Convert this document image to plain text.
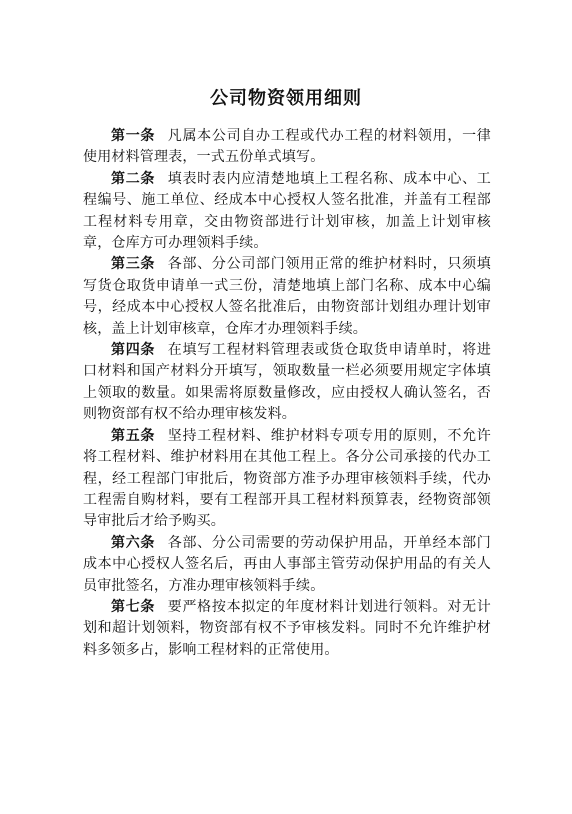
公司物资领用细则

第一条 凡属本公司自办工程或代办工程的材料领用，一律使用材料管理表，一式五份单式填写。

第二条 填表时表内应清楚地填上工程名称、成本中心、工程编号、施工单位、经成本中心授权人签名批准，并盖有工程部工程材料专用章，交由物资部进行计划审核，加盖上计划审核章，仓库方可办理领料手续。

第三条 各部、分公司部门领用正常的维护材料时，只须填写货仓取货申请单一式三份，清楚地填上部门名称、成本中心编号，经成本中心授权人签名批准后，由物资部计划组办理计划审核，盖上计划审核章，仓库才办理领料手续。

第四条 在填写工程材料管理表或货仓取货申请单时，将进口材料和国产材料分开填写，领取数量一栏必须要用规定字体填上领取的数量。如果需将原数量修改，应由授权人确认签名，否则物资部有权不给办理审核发料。

第五条 坚持工程材料、维护材料专项专用的原则，不允许将工程材料、维护材料用在其他工程上。各分公司承接的代办工程，经工程部门审批后，物资部方准予办理审核领料手续，代办工程需自购材料，要有工程部开具工程材料预算表，经物资部领导审批后才给予购买。

第六条 各部、分公司需要的劳动保护用品，开单经本部门成本中心授权人签名后，再由人事部主管劳动保护用品的有关人员审批签名，方准办理审核领料手续。

第七条 要严格按本拟定的年度材料计划进行领料。对无计划和超计划领料，物资部有权不予审核发料。同时不允许维护材料多领多占，影响工程材料的正常使用。
